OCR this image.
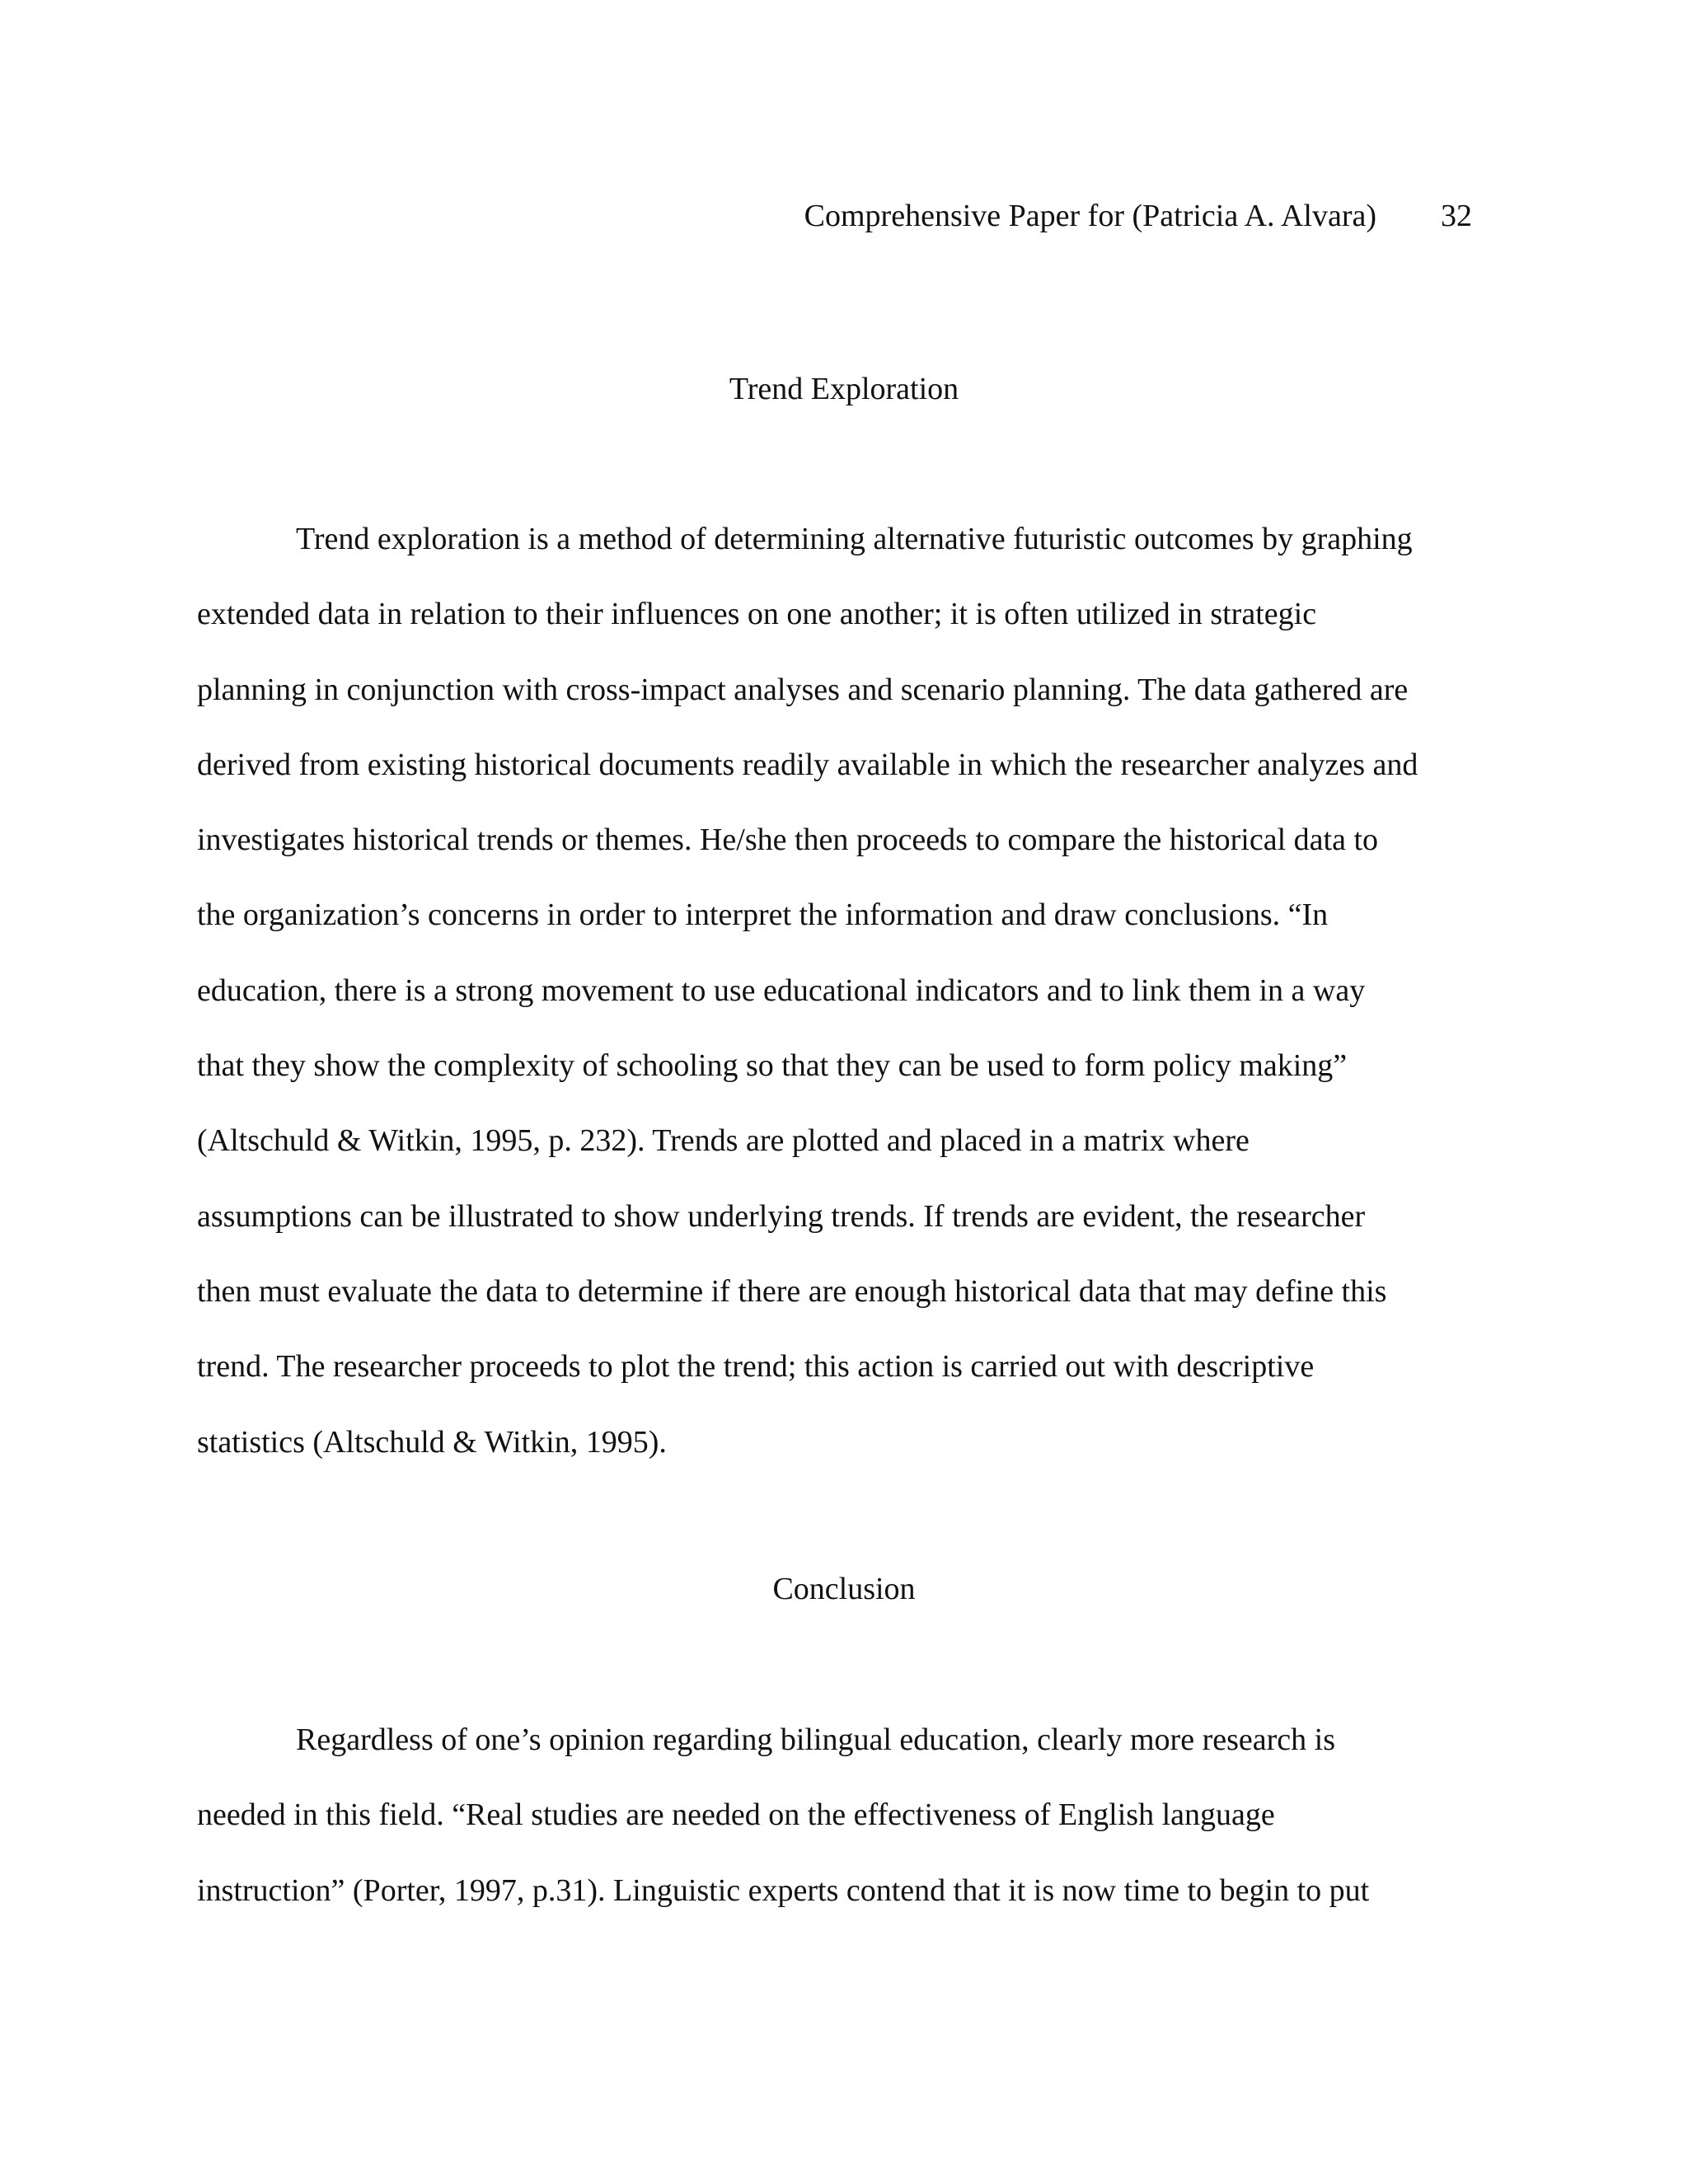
Comprehensive Paper for (Patricia A. Alvara) 32
Trend Exploration
Trend exploration is a method of determining alternative futuristic outcomes by graphing
extended data in relation to their influences on one another; it is often utilized in strategic
planning in conjunction with cross-impact analyses and scenario planning. The data gathered are
derived from existing historical documents readily available in which the researcher analyzes and
investigates historical trends or themes. He/she then proceeds to compare the historical data to
the organization’s concerns in order to interpret the information and draw conclusions. “In
education, there is a strong movement to use educational indicators and to link them in a way
that they show the complexity of schooling so that they can be used to form policy making”
(Altschuld & Witkin, 1995, p. 232). Trends are plotted and placed in a matrix where
assumptions can be illustrated to show underlying trends. If trends are evident, the researcher
then must evaluate the data to determine if there are enough historical data that may define this
trend. The researcher proceeds to plot the trend; this action is carried out with descriptive
statistics (Altschuld & Witkin, 1995).
Conclusion
Regardless of one’s opinion regarding bilingual education, clearly more research is
needed in this field. “Real studies are needed on the effectiveness of English language
instruction” (Porter, 1997, p.31). Linguistic experts contend that it is now time to begin to put
